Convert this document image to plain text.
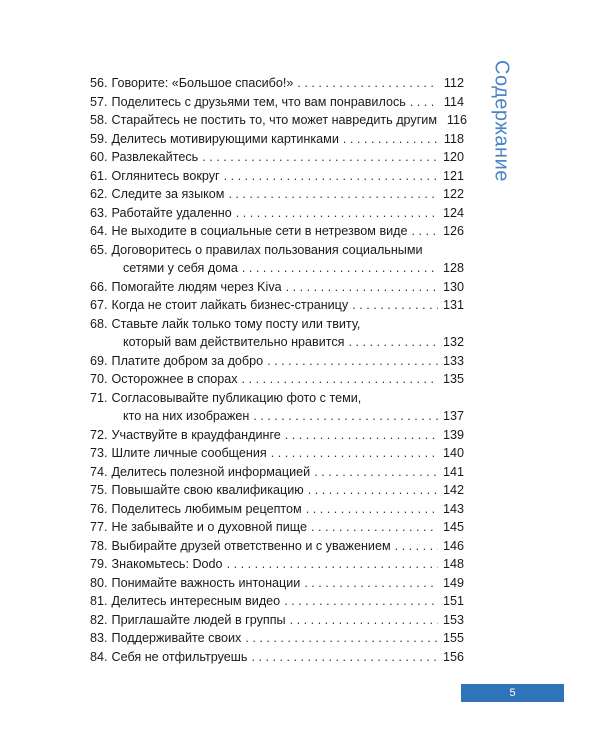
56. Говорите: «Большое спасибо!» . . .	112
57. Поделитесь с друзьями тем, что вам понравилось . . .	114
58. Старайтесь не постить то, что может навредить другим 116
59. Делитесь мотивирующими картинками . . .	118
60. Развлекайтесь . . .	120
61. Оглянитесь вокруг . . .	121
62. Следите за языком . . .	122
63. Работайте удаленно . . .	124
64. Не выходите в социальные сети в нетрезвом виде . . .	126
65. Договоритесь о правилах пользования социальными
сетями у себя дома . . .	128
66. Помогайте людям через Kiva . . .	130
67. Когда не стоит лайкать бизнес-страницу . . .	131
68. Ставьте лайк только тому посту или твиту,
который вам действительно нравится . . .	132
69. Платите добром за добро . . .	133
70. Осторожнее в спорах . . .	135
71. Согласовывайте публикацию фото с теми,
кто на них изображен . . .	137
72. Участвуйте в краудфандинге . . .	139
73. Шлите личные сообщения . . .	140
74. Делитесь полезной информацией . . .	141
75. Повышайте свою квалификацию . . .	142
76. Поделитесь любимым рецептом . . .	143
77. Не забывайте и о духовной пище . . .	145
78. Выбирайте друзей ответственно и с уважением . . .	146
79. Знакомьтесь: Dodo . . .	148
80. Понимайте важность интонации . . .	149
81. Делитесь интересным видео . . .	151
82. Приглашайте людей в группы . . .	153
83. Поддерживайте своих . . .	155
84. Себя не отфильтруешь . . .	156
Содержание
5
